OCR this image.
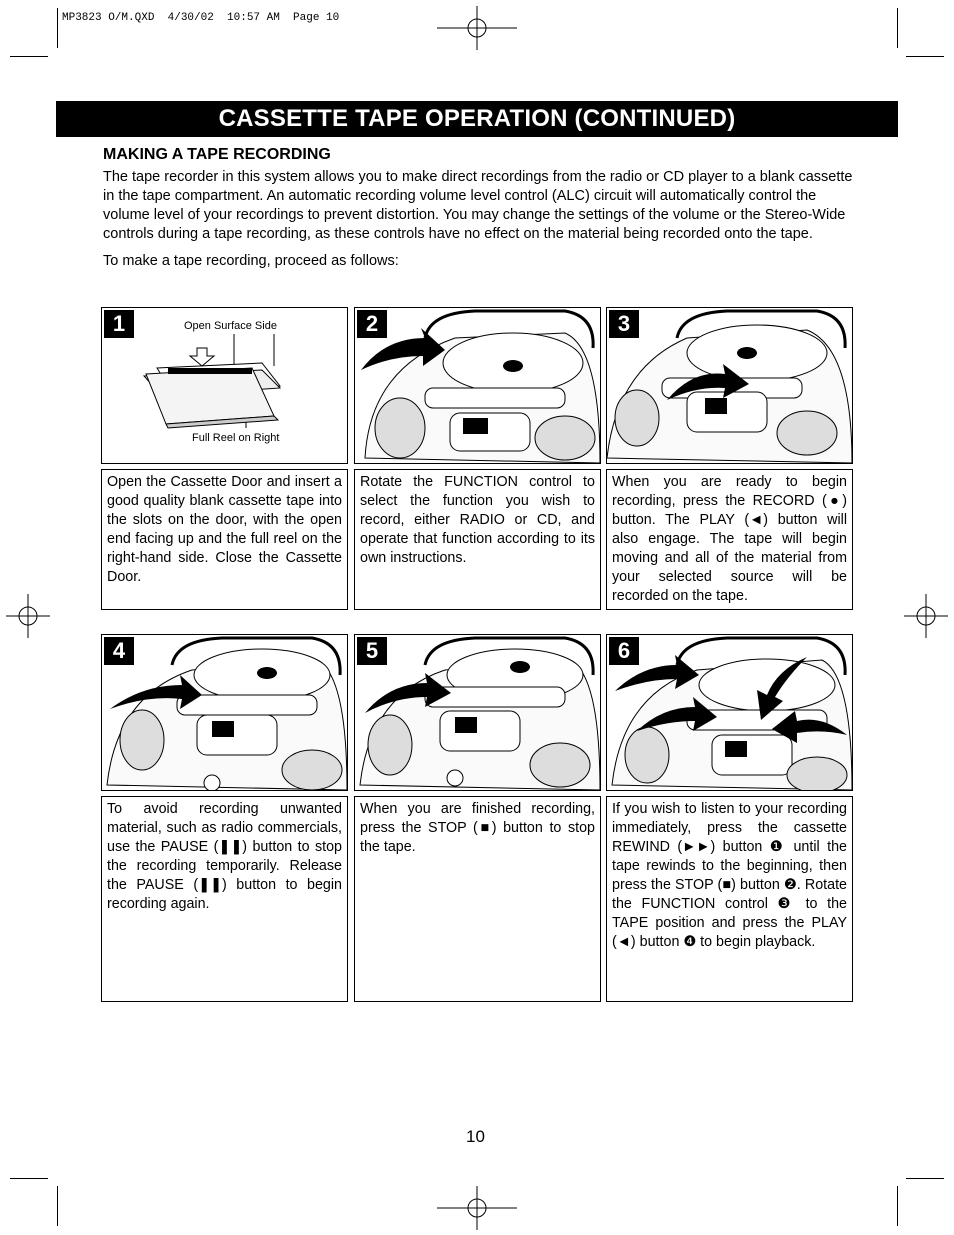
MP3823 O/M.QXD  4/30/02  10:57 AM  Page 10
CASSETTE TAPE OPERATION (CONTINUED)
MAKING A TAPE RECORDING

The tape recorder in this system allows you to make direct recordings from the radio or CD player to a blank cassette in the tape compartment. An automatic recording volume level control (ALC) circuit will automatically control the volume level of your recordings to prevent distortion. You may change the settings of the volume or the Stereo-Wide controls during a tape recording, as these controls have no effect on the material being recorded onto the tape.

To make a tape recording, proceed as follows:

1	Open Surface Side
Full Reel on Right
2	3
Open the Cassette Door and insert a good quality blank cassette tape into the slots on the door, with the open end facing up and the full reel on the right-hand side. Close the Cassette Door.
Rotate the FUNCTION control to select the function you wish to record, either RADIO or CD, and operate that function according to its own instructions.
When you are ready to begin recording, press the RECORD (●) button. The PLAY (◄) button will also engage. The tape will begin moving and all of the material from your selected source will be recorded on the tape.
4	5	6
To avoid recording unwanted material, such as radio commercials, use the PAUSE (❚❚) button to stop the recording temporarily. Release the PAUSE (❚❚) button to begin recording again.
When you are finished recording, press the STOP (■) button to stop the tape.
If you wish to listen to your recording immediately, press the cassette REWIND (►►) button ❶ until the tape rewinds to the beginning, then press the STOP (■) button ❷. Rotate the FUNCTION control ❸ to the TAPE position and press the PLAY (◄) button ❹ to begin playback.
10
